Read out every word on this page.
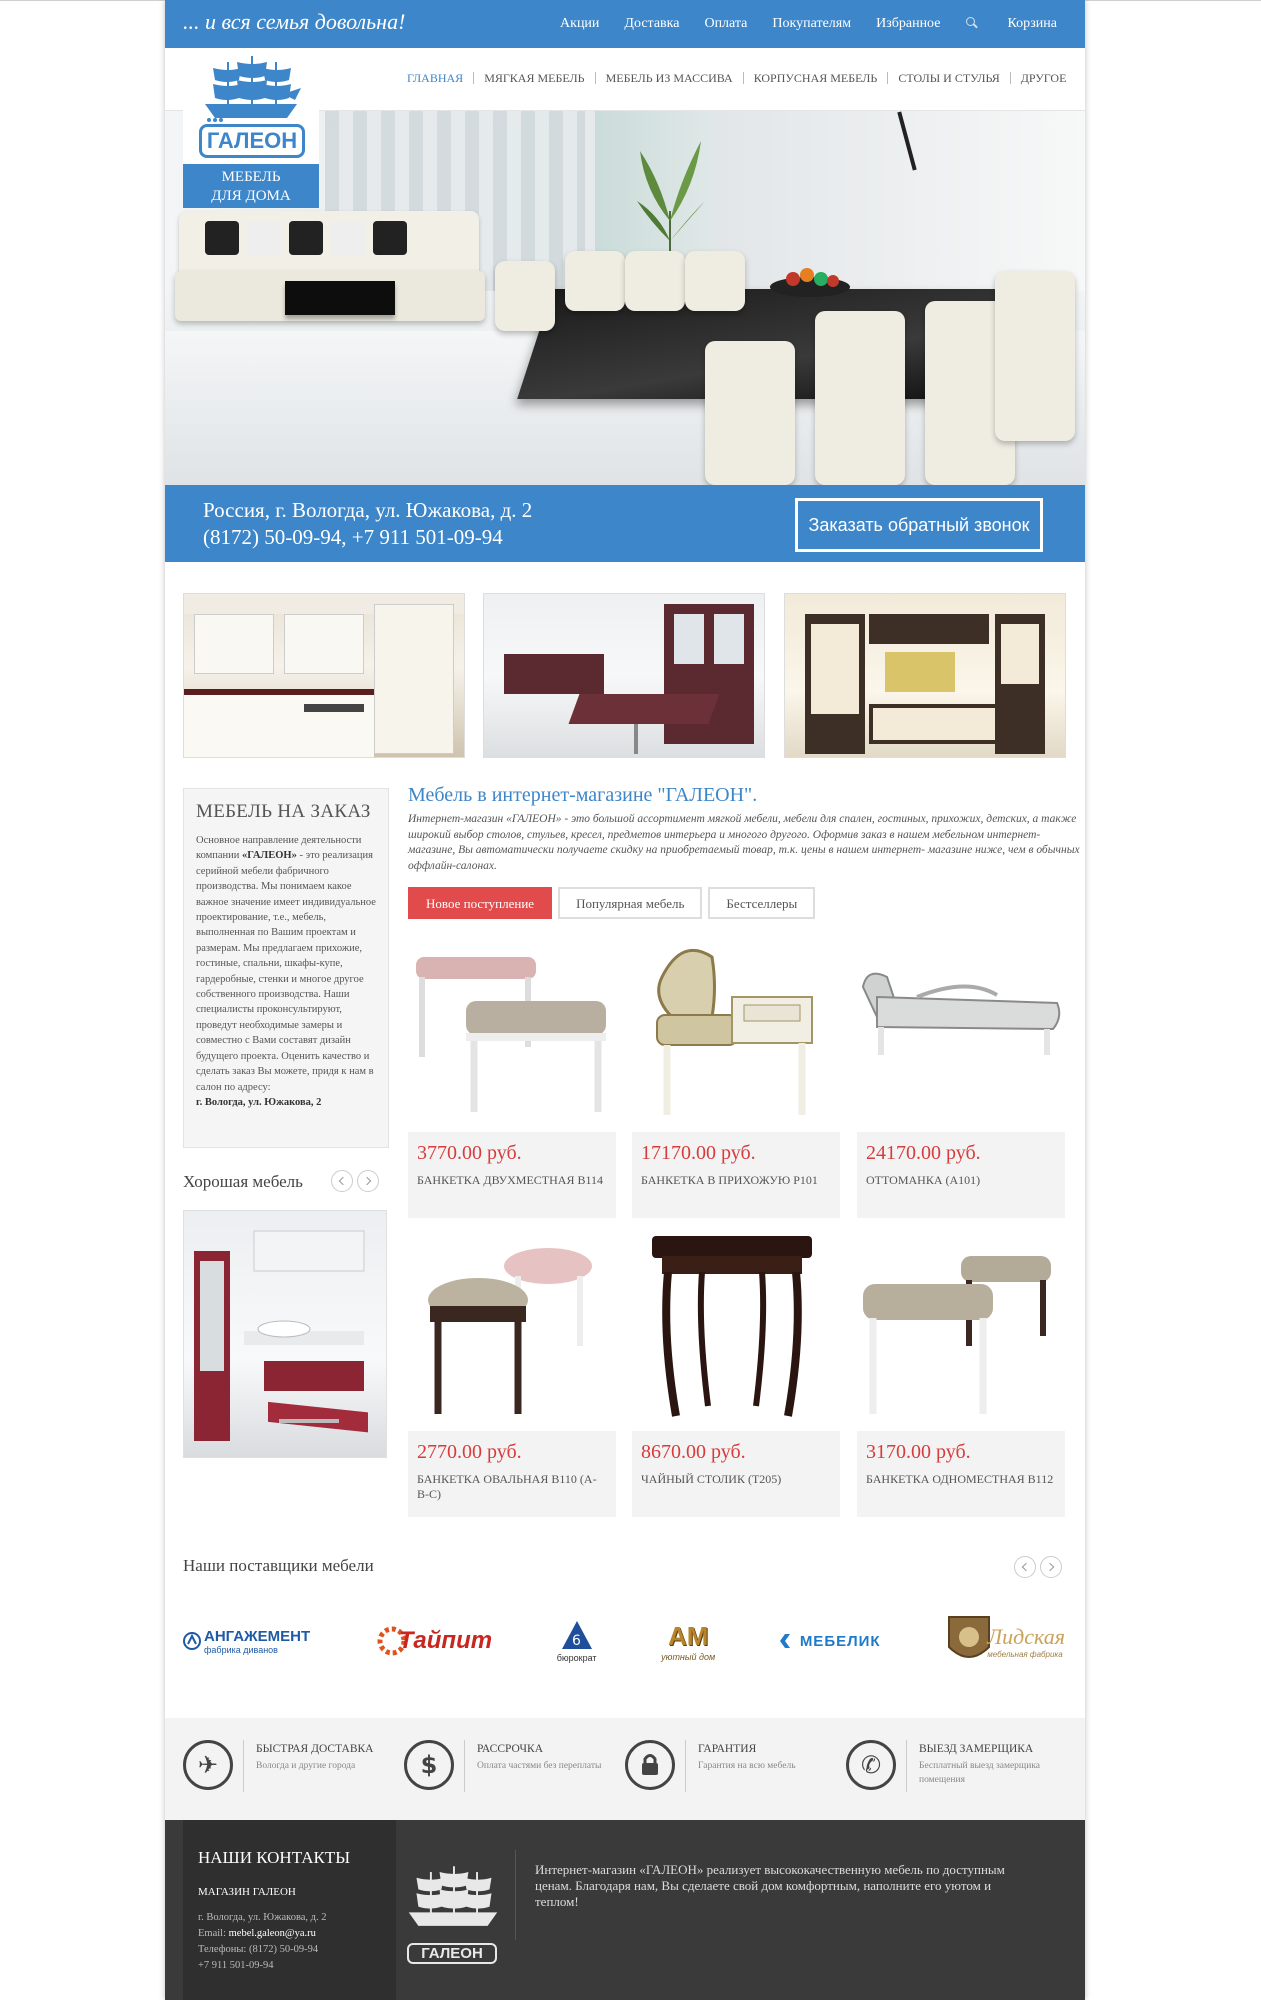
... и вся семья довольна!	Акции Доставка Оплата Покупателям Избранное	Корзина
ГЛАВНАЯ	МЯГКАЯ МЕБЕЛЬ	МЕБЕЛЬ ИЗ МАССИВА	КОРПУСНАЯ МЕБЕЛЬ	СТОЛЫ И СТУЛЬЯ	ДРУГОЕ
ГАЛЕОН
МЕБЕЛЬ
ДЛЯ ДОМА
Россия, г. Вологда, ул. Южакова, д. 2
(8172) 50-09-94, +7 911 501-09-94	Заказать обратный звонок
МЕБЕЛЬ НА ЗАКАЗ

Основное направление деятельности компании «ГАЛЕОН» - это реализация серийной мебели фабричного производства. Мы понимаем какое важное значение имеет индивидуальное проектирование, т.е., мебель, выполненная по Вашим проектам и размерам. Мы предлагаем прихожие, гостиные, спальни, шкафы-купе, гардеробные, стенки и многое другое собственного производства. Наши специалисты проконсультируют, проведут необходимые замеры и совместно с Вами составят дизайн будущего проекта. Оценить качество и сделать заказ Вы можете, придя к нам в салон по адресу:
г. Вологда, ул. Южакова, 2

Хорошая мебель
Мебель в интернет-магазине "ГАЛЕОН".
Интернет-магазин «ГАЛЕОН» - это большой ассортимент мягкой мебели, мебели для спален, гостиных, прихожих, детских, а также широкий выбор столов, стульев, кресел, предметов интерьера и многого другого. Оформив заказ в нашем мебельном интернет-магазине, Вы автоматически получаете скидку на приобретаемый товар, т.к. цены в нашем интернет- магазине ниже, чем в обычных оффлайн-салонах.
Новое поступление	Популярная мебель	Бестселлеры
3770.00 руб.
БАНКЕТКА ДВУХМЕСТНАЯ B114
17170.00 руб.
БАНКЕТКА В ПРИХОЖУЮ P101
24170.00 руб.
ОТТОМАНКА (А101)
2770.00 руб.
БАНКЕТКА ОВАЛЬНАЯ B110 (А-В-С)
8670.00 руб.
ЧАЙНЫЙ СТОЛИК (Т205)
3170.00 руб.
БАНКЕТКА ОДНОМЕСТНАЯ B112
Наши поставщики мебели
АНГАЖЕМЕНТ
фабрика диванов	Тайпит	6
бюрократ
АМ
уютный дом
МЕБЕЛИК	Лидская
мебельная фабрика
✈
БЫСТРАЯ ДОСТАВКА

Вологда и другие города	$
РАССРОЧКА

Оплата частями без переплаты

ГАРАНТИЯ

Гарантия на всю мебель	✆
ВЫЕЗД ЗАМЕРЩИКА

Бесплатный выезд замерщика помещения

НАШИ КОНТАКТЫ
МАГАЗИН ГАЛЕОН
г. Вологда, ул. Южакова, д. 2
Email: mebel.galeon@ya.ru
Телефоны: (8172) 50-09-94
+7 911 501-09-94
ГАЛЕОН
Интернет-магазин «ГАЛЕОН» реализует высококачественную мебель по доступным ценам. Благодаря нам, Вы сделаете свой дом комфортным, наполните его уютом и теплом!
